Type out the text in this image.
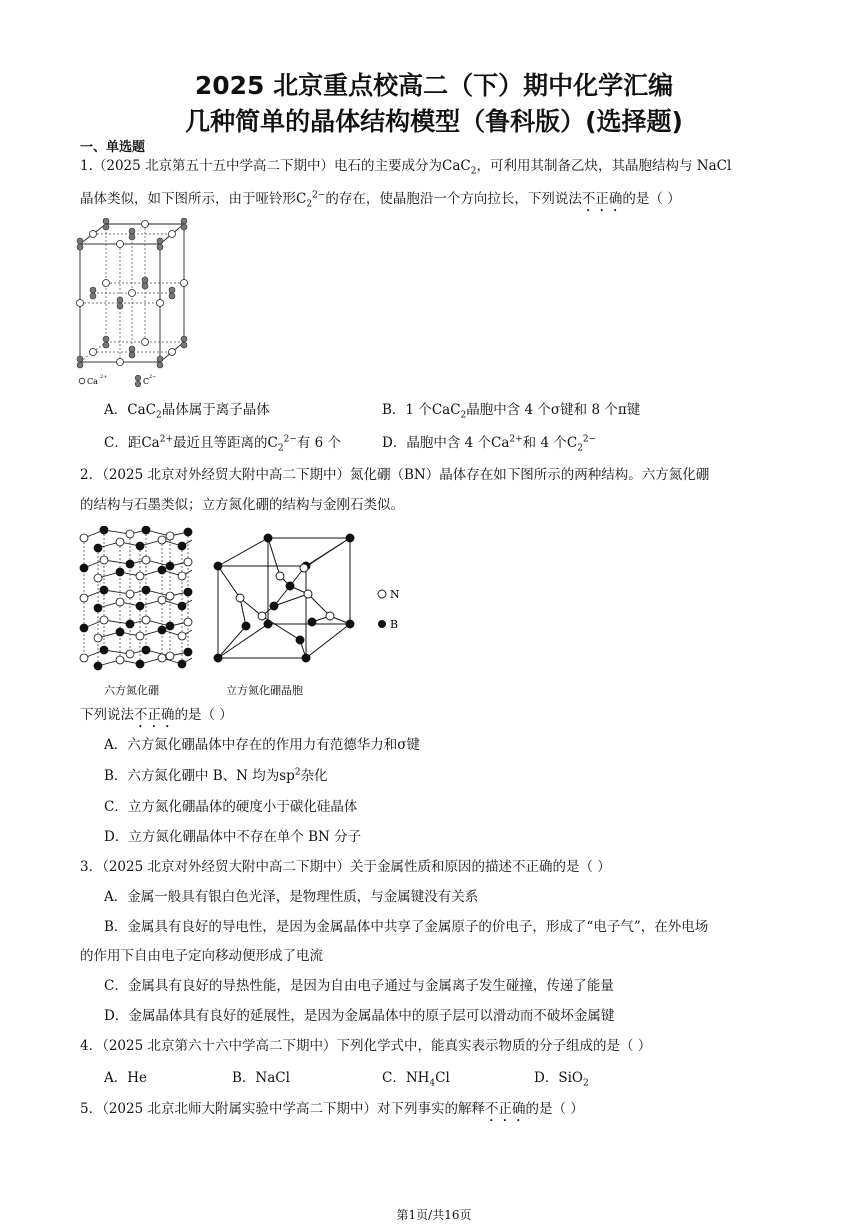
2025 北京重点校高二（下）期中化学汇编
几种简单的晶体结构模型（鲁科版）(选择题)
一、单选题
1.（2025 北京第五十五中学高二下期中）电石的主要成分为CaC$_2$，可利用其制备乙炔，其晶胞结构与 NaCl
晶体类似，如下图所示，由于哑铃形$C_2^{2-}$的存在，使晶胞沿一个方向拉长，下列说法不正确的是（ ）
Ca 2+	C 2−
A．CaC$_2$晶体属于离子晶体	B．1 个CaC$_2$晶胞中含 4 个σ键和 8 个π键
C．距$Ca^{2+}$最近且等距离的$C_2^{2-}$有 6 个	D．晶胞中含 4 个$Ca^{2+}$和 4 个$C_2^{2-}$
2．（2025 北京对外经贸大附中高二下期中）氮化硼（BN）晶体存在如下图所示的两种结构。六方氮化硼
的结构与石墨类似；立方氮化硼的结构与金刚石类似。
六方氮化硼	立方氮化硼晶胞
N
B
下列说法不正确的是（ ）
A．六方氮化硼晶体中存在的作用力有范德华力和σ键
B．六方氮化硼中 B、N 均为$sp^2$杂化
C．立方氮化硼晶体的硬度小于碳化硅晶体
D．立方氮化硼晶体中不存在单个 BN 分子
3．（2025 北京对外经贸大附中高二下期中）关于金属性质和原因的描述不正确的是（ ）
A．金属一般具有银白色光泽，是物理性质，与金属键没有关系
B．金属具有良好的导电性，是因为金属晶体中共享了金属原子的价电子，形成了“电子气”，在外电场
的作用下自由电子定向移动便形成了电流
C．金属具有良好的导热性能，是因为自由电子通过与金属离子发生碰撞，传递了能量
D．金属晶体具有良好的延展性，是因为金属晶体中的原子层可以滑动而不破坏金属键
4．（2025 北京第六十六中学高二下期中）下列化学式中，能真实表示物质的分子组成的是（ ）
A．He	B．NaCl	C．$NH_4Cl$	D．SiO$_2$
5．（2025 北京北师大附属实验中学高二下期中）对下列事实的解释不正确的是（ ）
第1页/共16页
